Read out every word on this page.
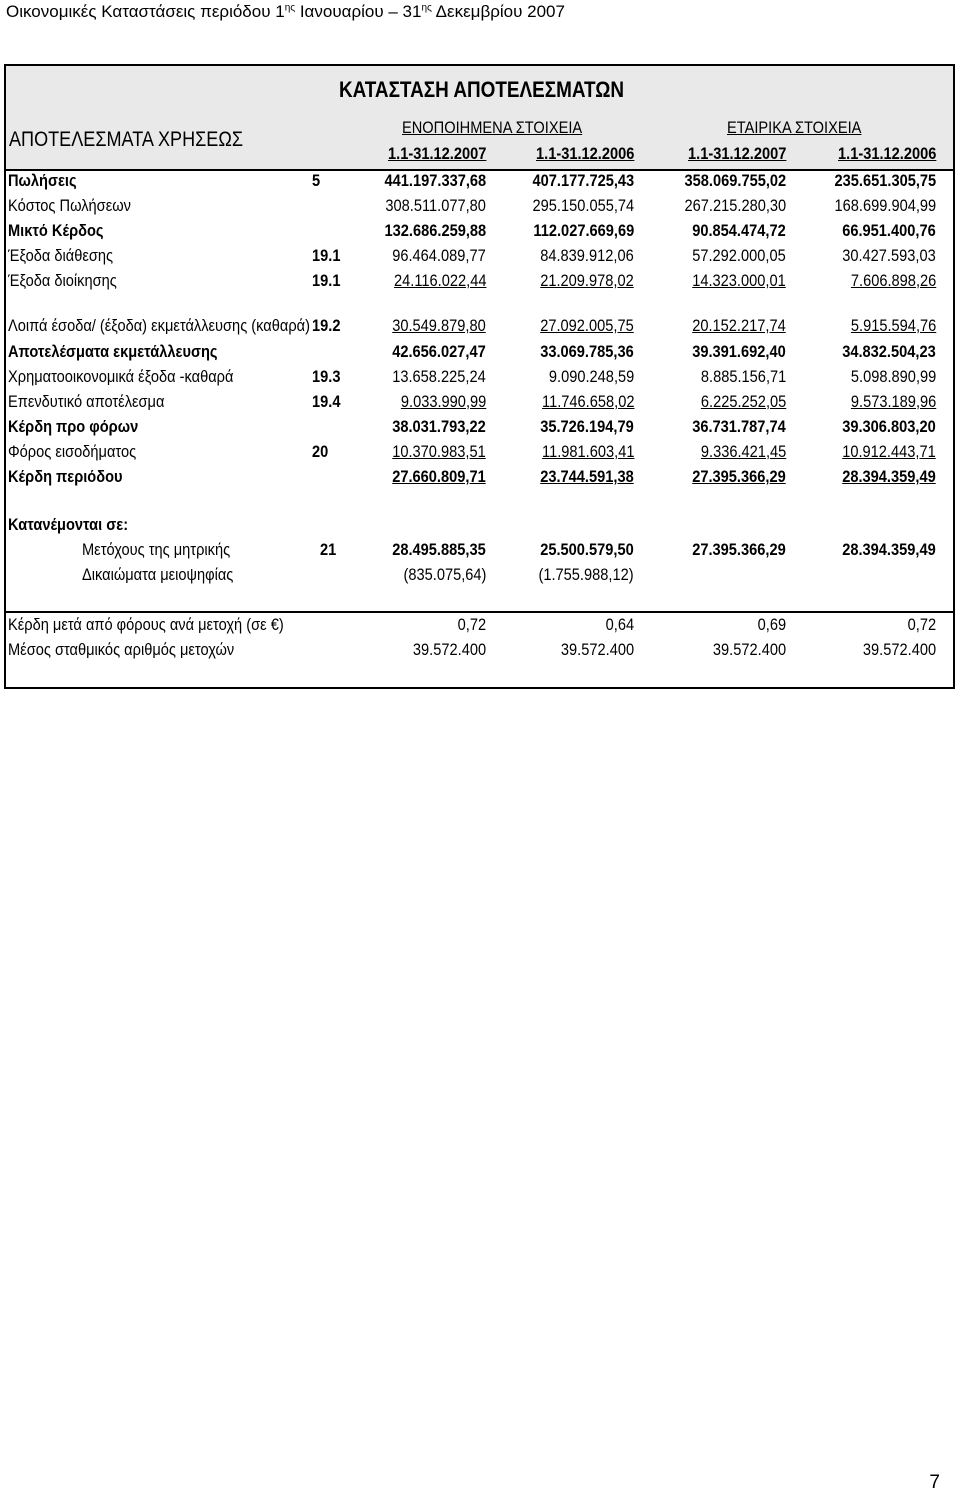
Οικονομικές Καταστάσεις περιόδου $1^{\eta\varsigma}$ Ιανουαρίου – $31^{\eta\varsigma}$ Δεκεμβρίου 2007
ΚΑΤΑΣΤΑΣΗ ΑΠΟΤΕΛΕΣΜΑΤΩΝ
ΑΠΟΤΕΛΕΣΜΑΤΑ ΧΡΗΣΕΩΣ
ΕΝΟΠΟΙΗΜΕΝΑ ΣΤΟΙΧΕΙΑ	ΕΤΑΙΡΙΚΑ ΣΤΟΙΧΕΙΑ
1.1-31.12.2007	1.1-31.12.2006	1.1-31.12.2007	1.1-31.12.2006
Πωλήσεις	5	441.197.337,68	407.177.725,43	358.069.755,02	235.651.305,75
Κόστος Πωλήσεων	308.511.077,80	295.150.055,74	267.215.280,30	168.699.904,99
Μικτό Κέρδος	132.686.259,88	112.027.669,69	90.854.474,72	66.951.400,76
Έξοδα διάθεσης	19.1	96.464.089,77	84.839.912,06	57.292.000,05	30.427.593,03
Έξοδα διοίκησης	19.1	24.116.022,44	21.209.978,02	14.323.000,01	7.606.898,26
Λοιπά έσοδα/ (έξοδα) εκμετάλλευσης (καθαρά) 19.2	30.549.879,80	27.092.005,75	20.152.217,74	5.915.594,76
Αποτελέσματα εκμετάλλευσης	42.656.027,47	33.069.785,36	39.391.692,40	34.832.504,23
Χρηματοοικονομικά έξοδα -καθαρά	19.3	13.658.225,24	9.090.248,59	8.885.156,71	5.098.890,99
Επενδυτικό αποτέλεσμα	19.4	9.033.990,99	11.746.658,02	6.225.252,05	9.573.189,96
Κέρδη προ φόρων	38.031.793,22	35.726.194,79	36.731.787,74	39.306.803,20
Φόρος εισοδήματος	20	10.370.983,51	11.981.603,41	9.336.421,45	10.912.443,71
Κέρδη περιόδου	27.660.809,71	23.744.591,38	27.395.366,29	28.394.359,49
Μετόχους της μητρικής	21	28.495.885,35	25.500.579,50	27.395.366,29	28.394.359,49
Δικαιώματα μειοψηφίας	(835.075,64)	(1.755.988,12)
Κέρδη μετά από φόρους ανά μετοχή (σε €)	0,72	0,64	0,69	0,72
Μέσος σταθμικός αριθμός μετοχών	39.572.400	39.572.400	39.572.400	39.572.400
Κατανέμονται σε:
7
